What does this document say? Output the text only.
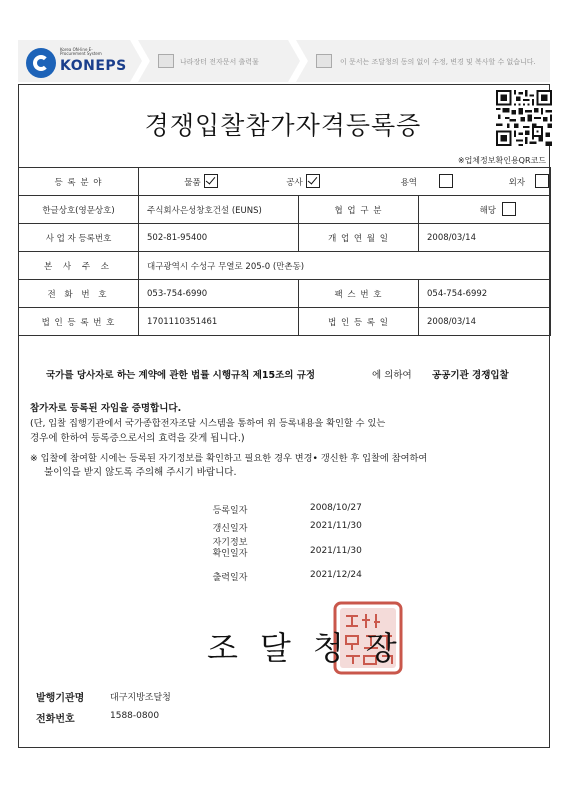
Korea ON-line E-Procurement System
KONEPS	나라장터 전자문서 출력물	이 문서는 조달청의 동의 없이 수정, 변경 및 복사할 수 없습니다.
경쟁입찰참가자격등록증
※업체정보확인용QR코드
등 록 분 야	물품 공사 용역 외자		

한글상호(영문상호)	주식회사은성창호건설 (EUNS)	협 업 구 분	해당
사 업 자 등록번호	502-81-95400	개 업 연 월 일	2008/03/14
본 사 주 소	대구광역시 수성구 무열로 205-0 (만촌동)		
전 화 번 호	053-754-6990	팩 스 번 호	054-754-6992
법 인 등 록 번 호	1701110351461	법 인 등 록 일	2008/03/14
국가를 당사자로 하는 계약에 관한 법률 시행규칙 제15조의 규정	에 의하여 공공기관 경쟁입찰
참가자로 등록된 자임을 증명합니다.
(단, 입찰 집행기관에서 국가종합전자조달 시스템을 통하여 위 등록내용을 확인할 수 있는
경우에 한하여 등록증으로서의 효력을 갖게 됩니다.)
※ 입찰에 참여할 시에는 등록된 자기정보를 확인하고 필요한 경우 변경• 갱신한 후 입찰에 참여하여
불이익을 받지 않도록 주의해 주시기 바랍니다.
등록일자	2008/10/27
갱신일자	2021/11/30
자기정보
확인일자	2021/11/30
출력일자	2021/12/24
조달청장
발행기관명	대구지방조달청
전화번호	1588-0800
